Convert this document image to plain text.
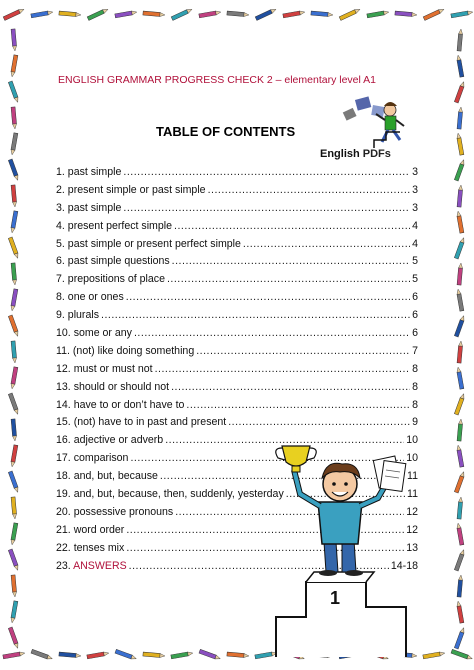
ENGLISH GRAMMAR PROGRESS CHECK 2 – elementary level A1
English PDFs
TABLE OF CONTENTS
1. past simple .....	3
2. present simple or past simple .....	3
3. past simple .....	3
4. present perfect simple .....	4
5. past simple or present perfect simple .....	4
6. past simple questions .....	5
7. prepositions of place .....	5
8. one or ones .....	6
9. plurals .....	6
10. some or any .....	6
11. (not) like doing something .....	7
12. must or must not .....	8
13. should or should not .....	8
14. have to or don’t have to .....	8
15. (not) have to in past and present .....	9
16. adjective or adverb .....	10
17. comparison .....	10
18. and, but, because .....	11
19. and, but, because, then, suddenly, yesterday .....	11
20. possessive pronouns .....	12
21. word order .....	12
22. tenses mix .....	13
23. ANSWERS .....	14-18
1
